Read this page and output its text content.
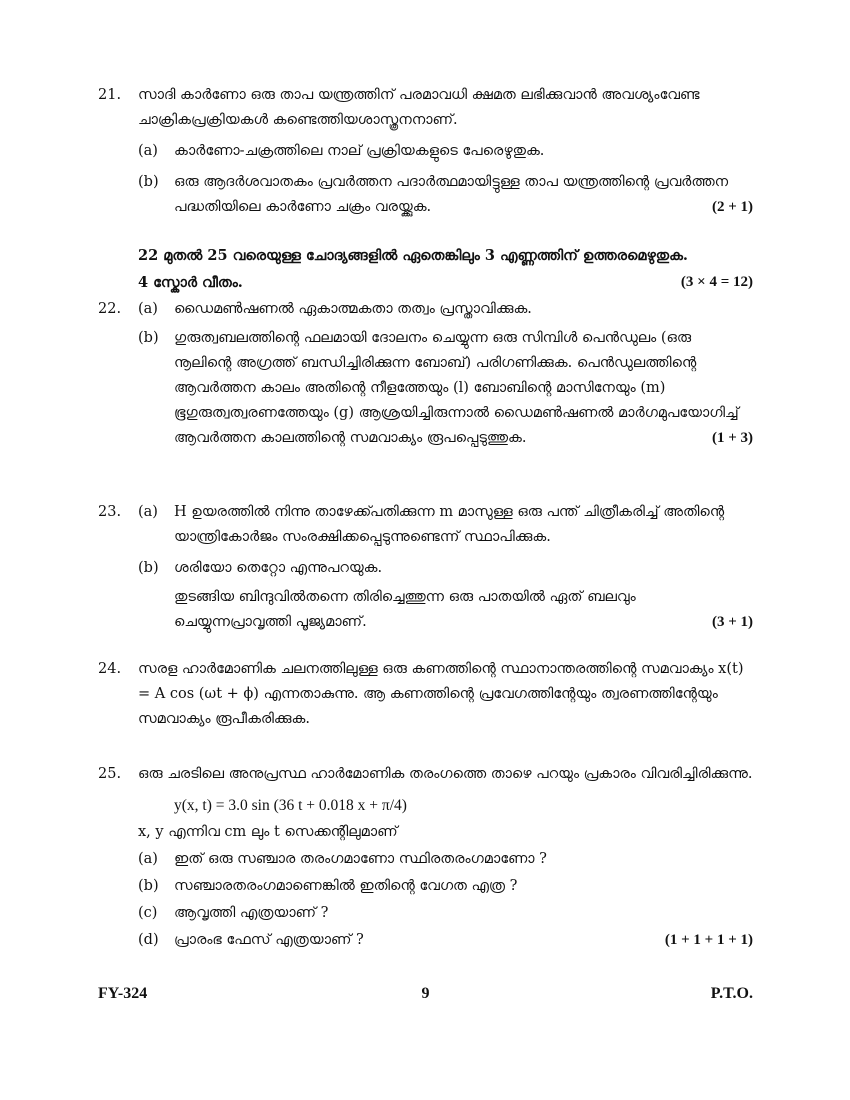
21.	സാദി കാർണോ ഒരു താപ യന്ത്രത്തിന് പരമാവധി ക്ഷമത ലഭിക്കുവാൻ അവശ്യംവേണ്ട ചാക്രികപ്രക്രിയകൾ കണ്ടെത്തിയശാസ്ത്രനനാണ്.
(a)	കാർണോ-ചക്രത്തിലെ നാല് പ്രക്രിയകളുടെ പേരെഴുതുക.
(b)	ഒരു ആദർശവാതകം പ്രവർത്തന പദാർത്ഥമായിട്ടുള്ള താപ യന്ത്രത്തിന്റെ പ്രവർത്തന പദ്ധതിയിലെ കാർണോ ചക്രം വരയ്ക്കുക.	(2 + 1)
22 മുതൽ 25 വരെയുള്ള ചോദ്യങ്ങളിൽ ഏതെങ്കിലും 3 എണ്ണത്തിന് ഉത്തരമെഴുതുക.
4 സ്കോർ വീതം.	(3 × 4 = 12)
22.	(a)	ഡൈമൺഷണൽ ഏകാത്മകതാ തത്വം പ്രസ്താവിക്കുക.
(b)	ഗുരുത്വബലത്തിന്റെ ഫലമായി ദോലനം ചെയ്യുന്ന ഒരു സിമ്പിൾ പെൻഡുലം (ഒരു നൂലിന്റെ അഗ്രത്ത് ബന്ധിച്ചിരിക്കുന്ന ബോബ്) പരിഗണിക്കുക. പെൻഡുലത്തിന്റെ ആവർത്തന കാലം അതിന്റെ നീളത്തേയും (l) ബോബിന്റെ മാസിനേയും (m) ഭൂഗുരുത്വത്വരണത്തേയും (g) ആശ്രയിച്ചിരുന്നാൽ ഡൈമൺഷണൽ മാർഗമുപയോഗിച്ച് ആവർത്തന കാലത്തിന്റെ സമവാക്യം രൂപപ്പെടുത്തുക.	(1 + 3)
23.	(a)	H ഉയരത്തിൽ നിന്നു താഴേക്ക്പതിക്കുന്ന m മാസുള്ള ഒരു പന്ത് ചിത്രീകരിച്ച് അതിന്റെ യാന്ത്രികോർജം സംരക്ഷിക്കപ്പെടുന്നുണ്ടെന്ന് സ്ഥാപിക്കുക.
(b)	ശരിയോ തെറ്റോ എന്നുപറയുക.
തുടങ്ങിയ ബിന്ദുവിൽതന്നെ തിരിച്ചെത്തുന്ന ഒരു പാതയിൽ ഏത് ബലവും ചെയ്യുന്നപ്രാവൃത്തി പൂജ്യമാണ്.	(3 + 1)
24.	സരള ഹാർമോണിക ചലനത്തിലുള്ള ഒരു കണത്തിന്റെ സ്ഥാനാന്തരത്തിന്റെ സമവാക്യം x(t) = A cos (ωt + ϕ) എന്നതാകുന്നു. ആ കണത്തിന്റെ പ്രവേഗത്തിന്റേയും ത്വരണത്തിന്റേയും സമവാക്യം രൂപീകരിക്കുക.
25.	ഒരു ചരടിലെ അനുപ്രസ്ഥ ഹാർമോണിക തരംഗത്തെ താഴെ പറയും പ്രകാരം വിവരിച്ചിരിക്കുന്നു.
y(x, t) = 3.0 sin (36 t + 0.018 x + π/4)
x, y എന്നിവ cm ലും t സെക്കന്റിലുമാണ്
(a)	ഇത് ഒരു സഞ്ചാര തരംഗമാണോ സ്ഥിരതരംഗമാണോ ?
(b)	സഞ്ചാരതരംഗമാണെങ്കിൽ ഇതിന്റെ വേഗത എത്ര ?
(c)	ആവൃത്തി എത്രയാണ് ?
(d)	പ്രാരംഭ ഫേസ് എത്രയാണ് ?	(1 + 1 + 1 + 1)
FY-324	9	P.T.O.
